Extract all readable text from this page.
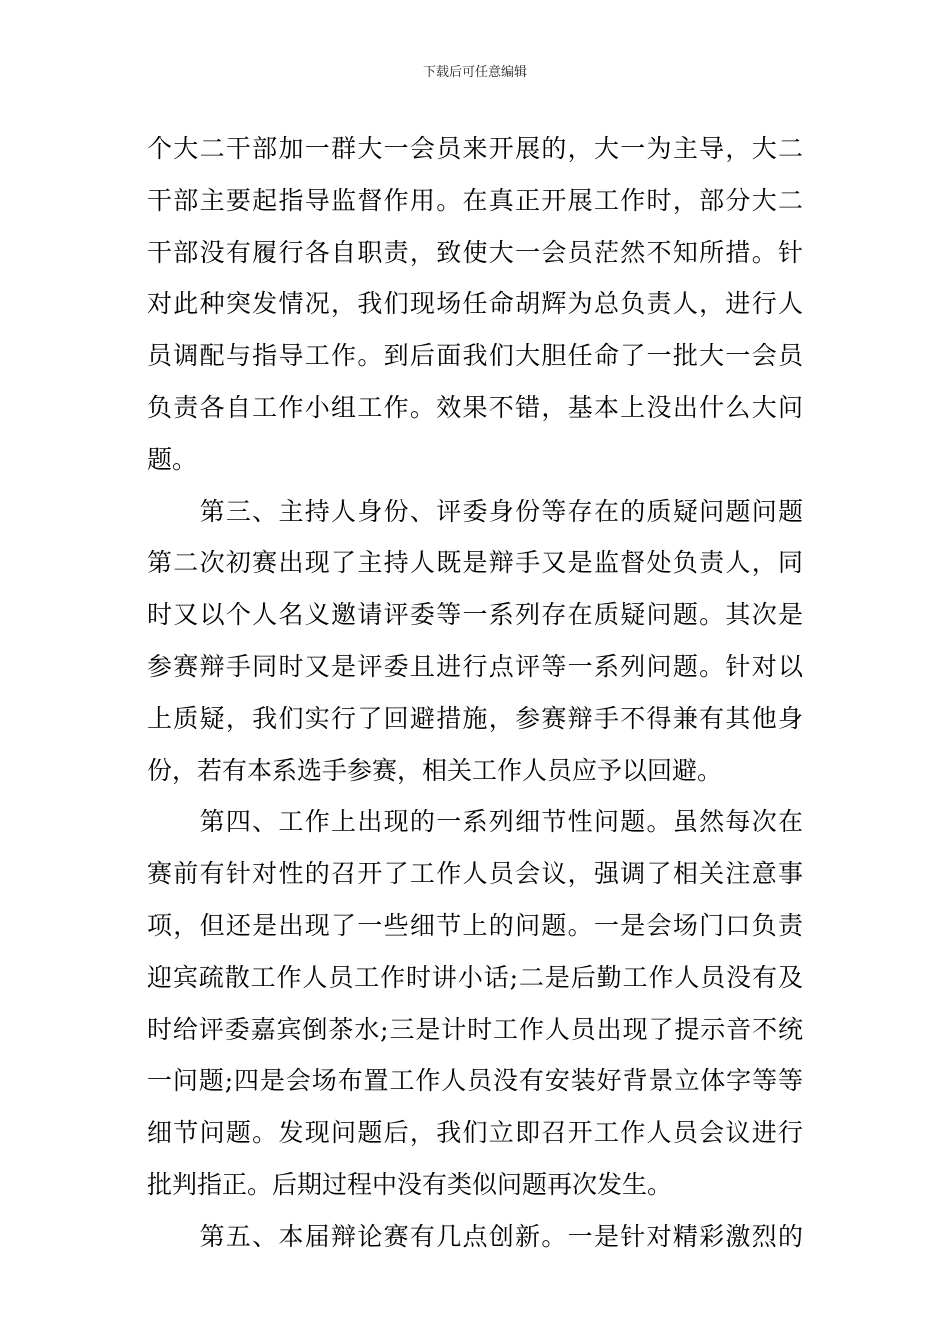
下载后可任意编辑
个大二干部加一群大一会员来开展的，大一为主导，大二
干部主要起指导监督作用。在真正开展工作时，部分大二
干部没有履行各自职责，致使大一会员茫然不知所措。针
对此种突发情况，我们现场任命胡辉为总负责人，进行人
员调配与指导工作。到后面我们大胆任命了一批大一会员
负责各自工作小组工作。效果不错，基本上没出什么大问
题。
　　第三、主持人身份、评委身份等存在的质疑问题问题
第二次初赛出现了主持人既是辩手又是监督处负责人，同
时又以个人名义邀请评委等一系列存在质疑问题。其次是
参赛辩手同时又是评委且进行点评等一系列问题。针对以
上质疑，我们实行了回避措施，参赛辩手不得兼有其他身
份，若有本系选手参赛，相关工作人员应予以回避。
　　第四、工作上出现的一系列细节性问题。虽然每次在
赛前有针对性的召开了工作人员会议，强调了相关注意事
项，但还是出现了一些细节上的问题。一是会场门口负责
迎宾疏散工作人员工作时讲小话;二是后勤工作人员没有及
时给评委嘉宾倒茶水;三是计时工作人员出现了提示音不统
一问题;四是会场布置工作人员没有安装好背景立体字等等
细节问题。发现问题后，我们立即召开工作人员会议进行
批判指正。后期过程中没有类似问题再次发生。
　　第五、本届辩论赛有几点创新。一是针对精彩激烈的
